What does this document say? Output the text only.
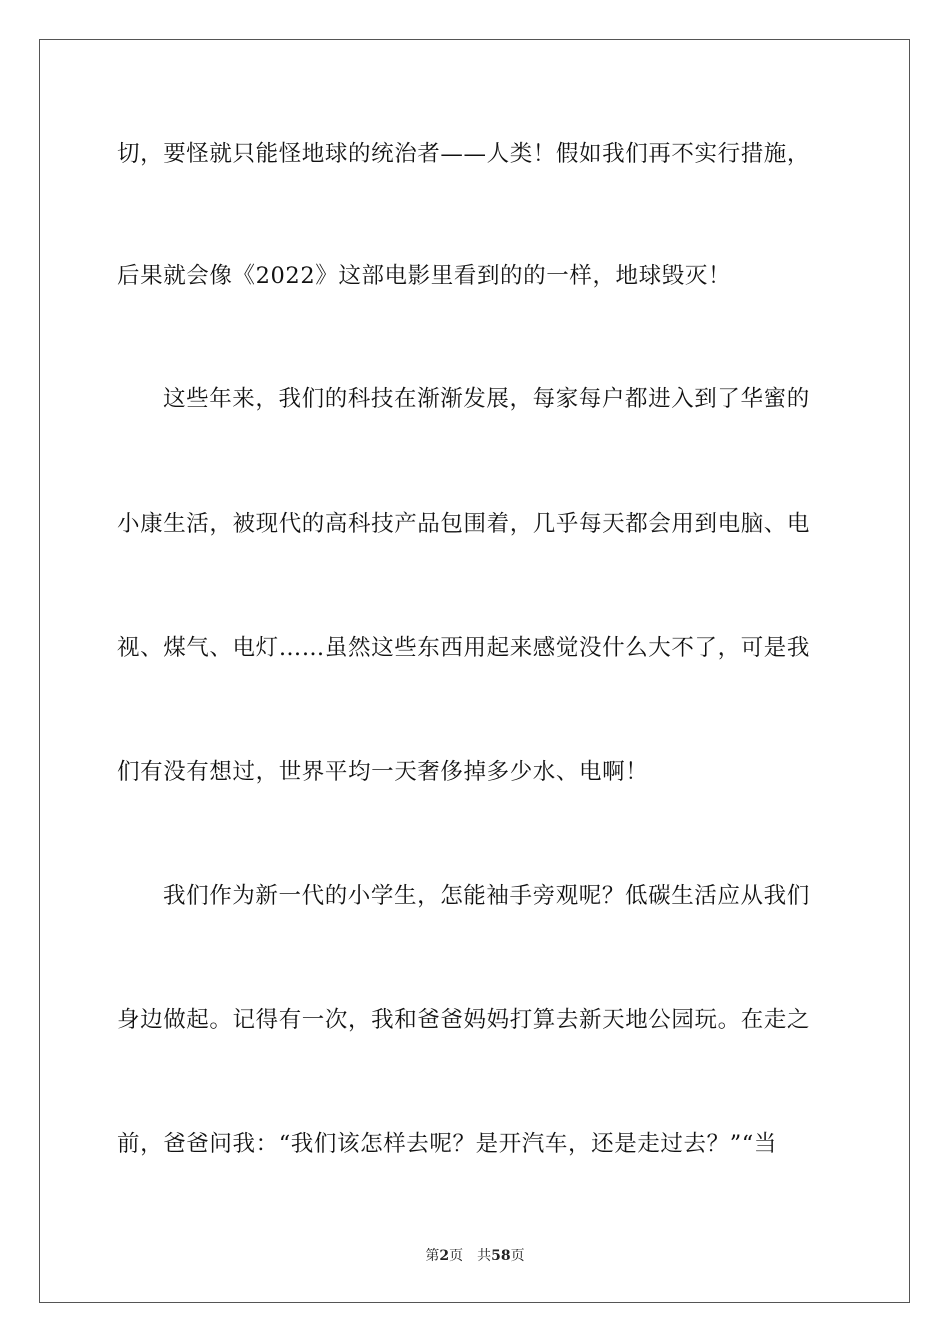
切，要怪就只能怪地球的统治者——人类！假如我们再不实行措施，
后果就会像《2022》这部电影里看到的的一样，地球毁灭！
这些年来，我们的科技在渐渐发展，每家每户都进入到了华蜜的
小康生活，被现代的高科技产品包围着，几乎每天都会用到电脑、电
视、煤气、电灯……虽然这些东西用起来感觉没什么大不了，可是我
们有没有想过，世界平均一天奢侈掉多少水、电啊！
我们作为新一代的小学生，怎能袖手旁观呢？低碳生活应从我们
身边做起。记得有一次，我和爸爸妈妈打算去新天地公园玩。在走之
前，爸爸问我：“我们该怎样去呢？是开汽车，还是走过去？”“当
第2页 共58页
